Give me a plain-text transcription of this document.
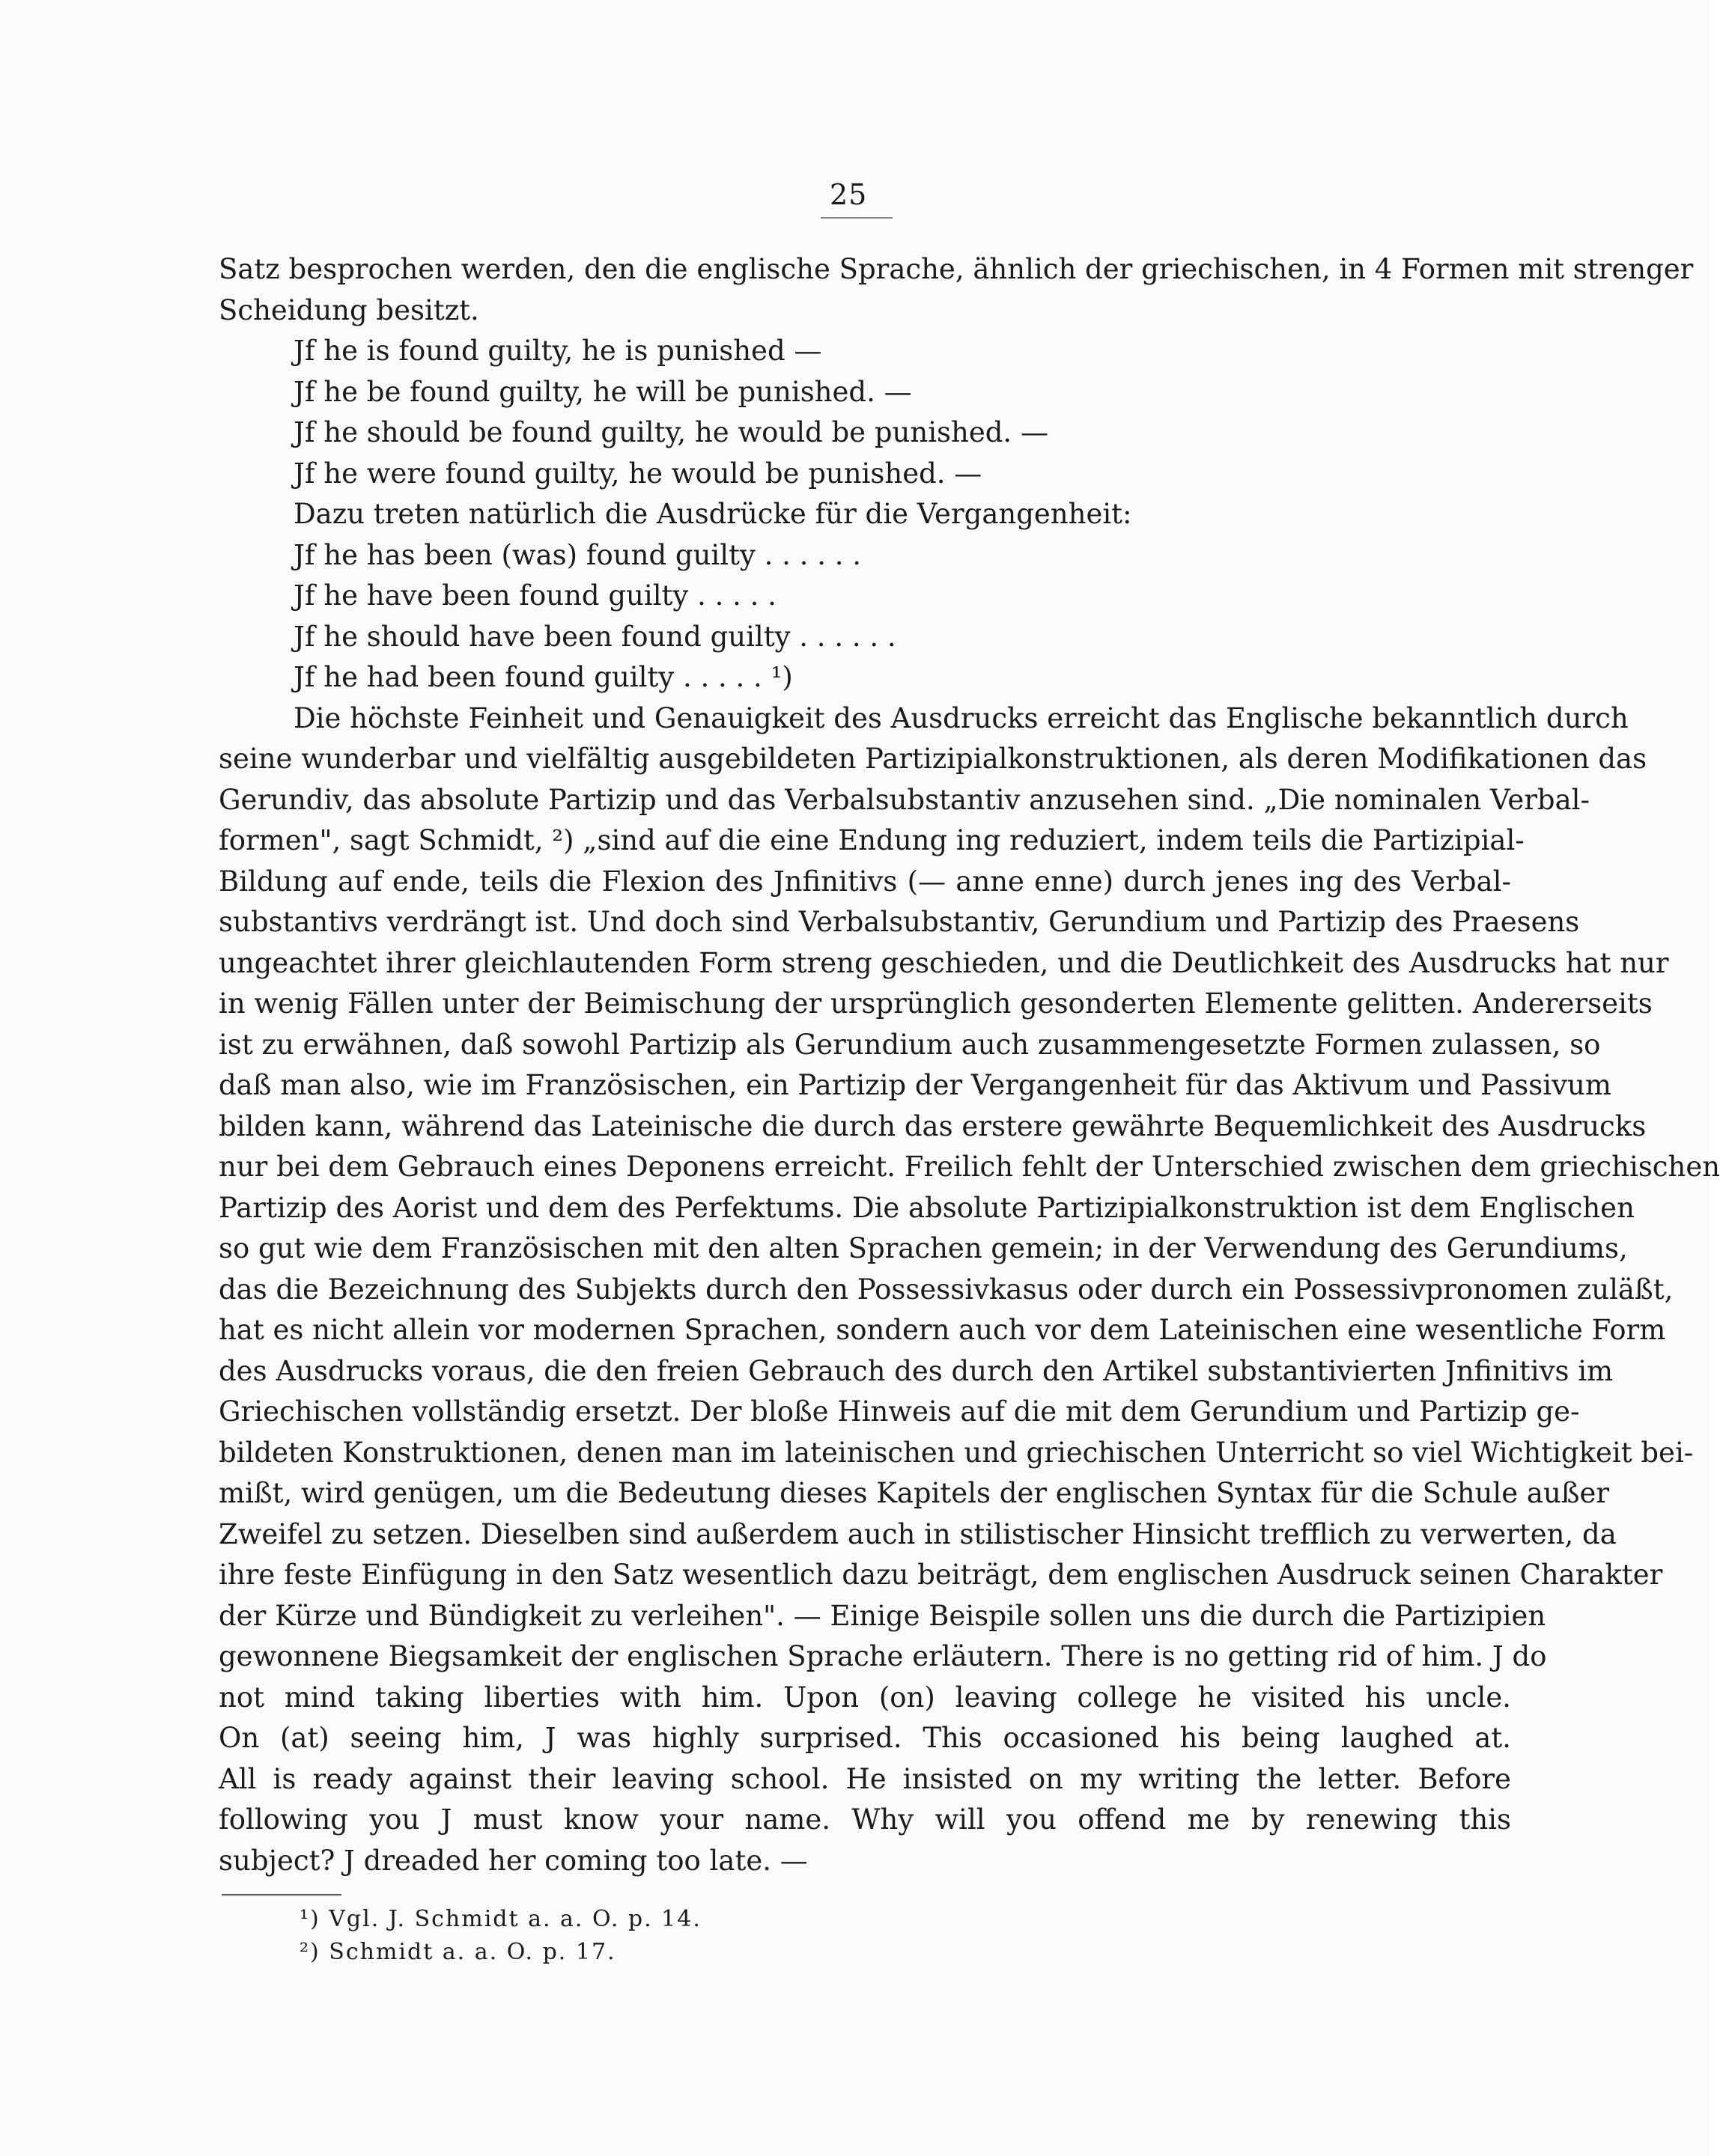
25
Satz besprochen werden, den die englische Sprache, ähnlich der griechischen, in 4 Formen mit strenger
Scheidung besitzt.
Jf he is found guilty, he is punished —
Jf he be found guilty, he will be punished. —
Jf he should be found guilty, he would be punished. —
Jf he were found guilty, he would be punished. —
Dazu treten natürlich die Ausdrücke für die Vergangenheit:
Jf he has been (was) found guilty . . . . . .
Jf he have been found guilty . . . . .
Jf he should have been found guilty . . . . . .
Jf he had been found guilty . . . . . ¹)
Die höchste Feinheit und Genauigkeit des Ausdrucks erreicht das Englische bekanntlich durch
seine wunderbar und vielfältig ausgebildeten Partizipialkonstruktionen, als deren Modifikationen das
Gerundiv, das absolute Partizip und das Verbalsubstantiv anzusehen sind. „Die nominalen Verbal-
formen", sagt Schmidt, ²) „sind auf die eine Endung ing reduziert, indem teils die Partizipial-
Bildung auf ende, teils die Flexion des Jnfinitivs (— anne enne) durch jenes ing des Verbal-
substantivs verdrängt ist. Und doch sind Verbalsubstantiv, Gerundium und Partizip des Praesens
ungeachtet ihrer gleichlautenden Form streng geschieden, und die Deutlichkeit des Ausdrucks hat nur
in wenig Fällen unter der Beimischung der ursprünglich gesonderten Elemente gelitten. Andererseits
ist zu erwähnen, daß sowohl Partizip als Gerundium auch zusammengesetzte Formen zulassen, so
daß man also, wie im Französischen, ein Partizip der Vergangenheit für das Aktivum und Passivum
bilden kann, während das Lateinische die durch das erstere gewährte Bequemlichkeit des Ausdrucks
nur bei dem Gebrauch eines Deponens erreicht. Freilich fehlt der Unterschied zwischen dem griechischen
Partizip des Aorist und dem des Perfektums. Die absolute Partizipialkonstruktion ist dem Englischen
so gut wie dem Französischen mit den alten Sprachen gemein; in der Verwendung des Gerundiums,
das die Bezeichnung des Subjekts durch den Possessivkasus oder durch ein Possessivpronomen zuläßt,
hat es nicht allein vor modernen Sprachen, sondern auch vor dem Lateinischen eine wesentliche Form
des Ausdrucks voraus, die den freien Gebrauch des durch den Artikel substantivierten Jnfinitivs im
Griechischen vollständig ersetzt. Der bloße Hinweis auf die mit dem Gerundium und Partizip ge-
bildeten Konstruktionen, denen man im lateinischen und griechischen Unterricht so viel Wichtigkeit bei-
mißt, wird genügen, um die Bedeutung dieses Kapitels der englischen Syntax für die Schule außer
Zweifel zu setzen. Dieselben sind außerdem auch in stilistischer Hinsicht trefflich zu verwerten, da
ihre feste Einfügung in den Satz wesentlich dazu beiträgt, dem englischen Ausdruck seinen Charakter
der Kürze und Bündigkeit zu verleihen". — Einige Beispile sollen uns die durch die Partizipien
gewonnene Biegsamkeit der englischen Sprache erläutern. There is no getting rid of him. J do
not mind taking liberties with him. Upon (on) leaving college he visited his uncle.
On (at) seeing him, J was highly surprised. This occasioned his being laughed at.
All is ready against their leaving school. He insisted on my writing the letter. Before
following you J must know your name. Why will you offend me by renewing this
subject? J dreaded her coming too late. —
¹) Vgl. J. Schmidt a. a. O. p. 14.
²) Schmidt a. a. O. p. 17.
